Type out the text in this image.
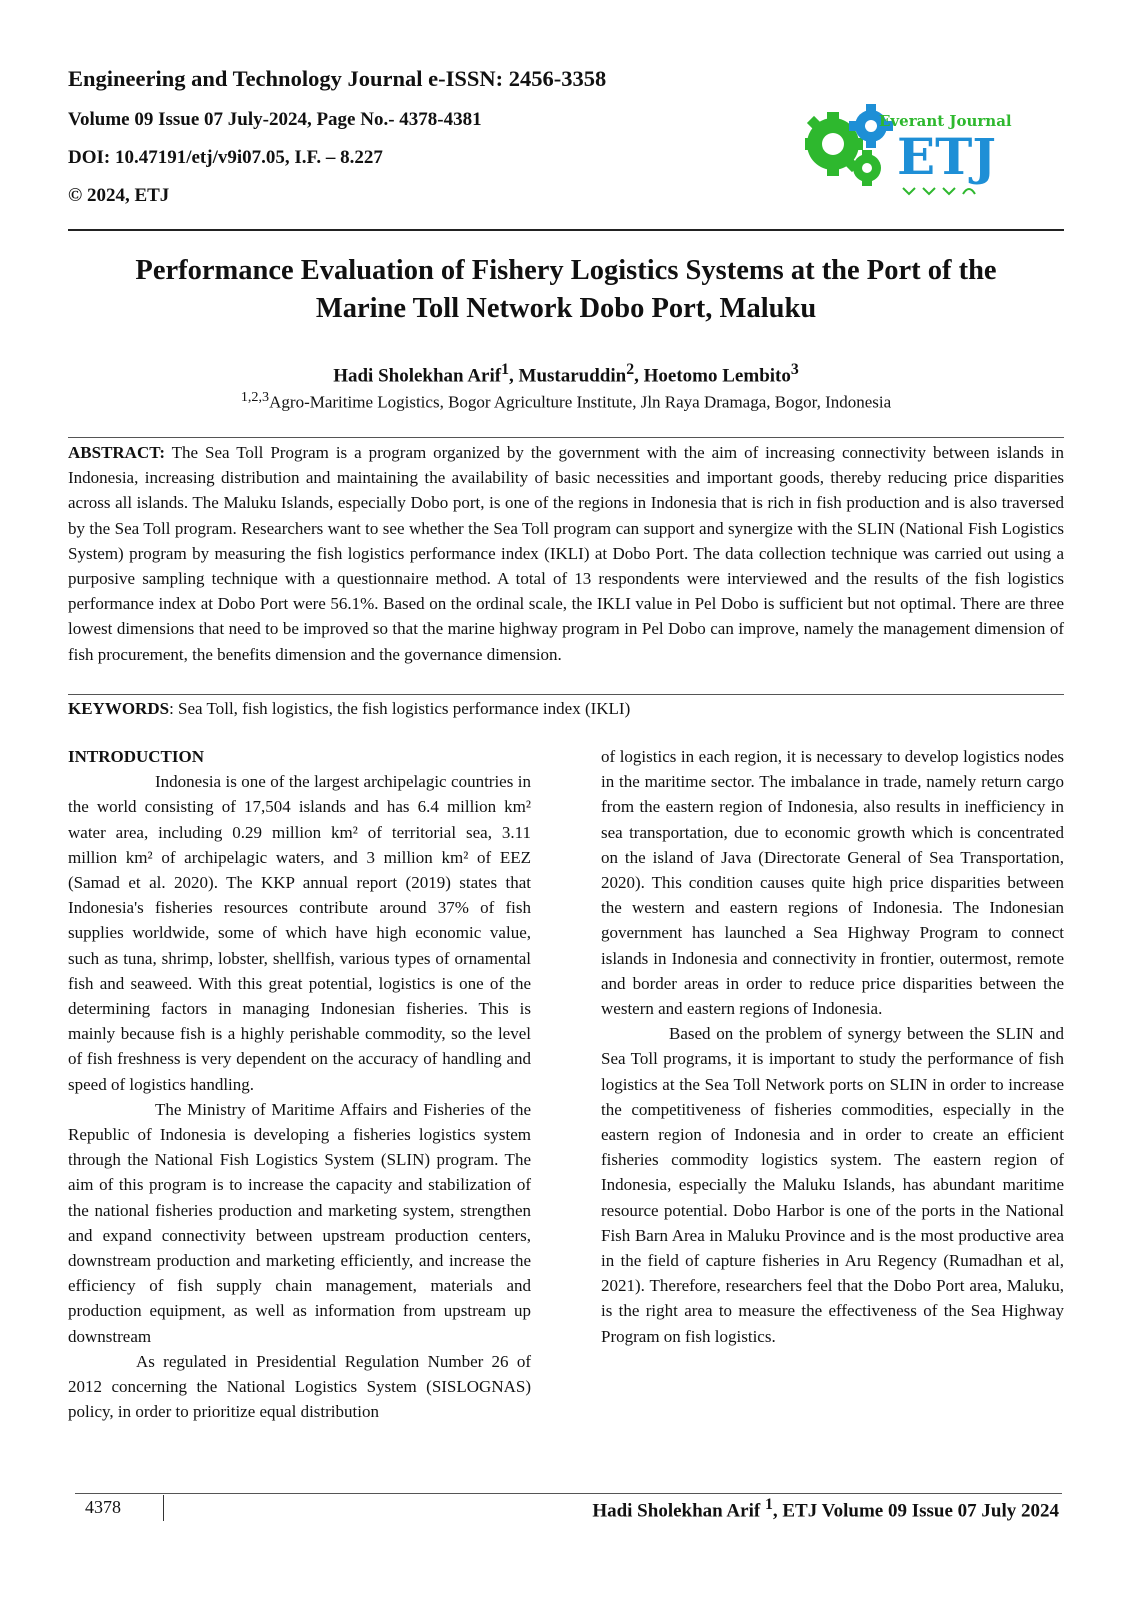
Engineering and Technology Journal e-ISSN: 2456-3358

Volume 09 Issue 07 July-2024, Page No.- 4378-4381

DOI: 10.47191/etj/v9i07.05, I.F. – 8.227

© 2024, ETJ

Everant Journal
ETJ
Performance Evaluation of Fishery Logistics Systems at the Port of the
Marine Toll Network Dobo Port, Maluku

Hadi Sholekhan Arif$^1$, Mustaruddin$^2$, Hoetomo Lembito$^3$

$^{1,2,3}$Agro-Maritime Logistics, Bogor Agriculture Institute, Jln Raya Dramaga, Bogor, Indonesia

ABSTRACT: The Sea Toll Program is a program organized by the government with the aim of increasing connectivity between islands in Indonesia, increasing distribution and maintaining the availability of basic necessities and important goods, thereby reducing price disparities across all islands. The Maluku Islands, especially Dobo port, is one of the regions in Indonesia that is rich in fish production and is also traversed by the Sea Toll program. Researchers want to see whether the Sea Toll program can support and synergize with the SLIN (National Fish Logistics System) program by measuring the fish logistics performance index (IKLI) at Dobo Port. The data collection technique was carried out using a purposive sampling technique with a questionnaire method. A total of 13 respondents were interviewed and the results of the fish logistics performance index at Dobo Port were 56.1%. Based on the ordinal scale, the IKLI value in Pel Dobo is sufficient but not optimal. There are three lowest dimensions that need to be improved so that the marine highway program in Pel Dobo can improve, namely the management dimension of fish procurement, the benefits dimension and the governance dimension.

KEYWORDS: Sea Toll, fish logistics, the fish logistics performance index (IKLI)

INTRODUCTION

Indonesia is one of the largest archipelagic countries in the world consisting of 17,504 islands and has 6.4 million km² water area, including 0.29 million km² of territorial sea, 3.11 million km² of archipelagic waters, and 3 million km² of EEZ (Samad et al. 2020). The KKP annual report (2019) states that Indonesia's fisheries resources contribute around 37% of fish supplies worldwide, some of which have high economic value, such as tuna, shrimp, lobster, shellfish, various types of ornamental fish and seaweed. With this great potential, logistics is one of the determining factors in managing Indonesian fisheries. This is mainly because fish is a highly perishable commodity, so the level of fish freshness is very dependent on the accuracy of handling and speed of logistics handling.

The Ministry of Maritime Affairs and Fisheries of the Republic of Indonesia is developing a fisheries logistics system through the National Fish Logistics System (SLIN) program. The aim of this program is to increase the capacity and stabilization of the national fisheries production and marketing system, strengthen and expand connectivity between upstream production centers, downstream production and marketing efficiently, and increase the efficiency of fish supply chain management, materials and production equipment, as well as information from upstream up downstream

As regulated in Presidential Regulation Number 26 of 2012 concerning the National Logistics System (SISLOGNAS) policy, in order to prioritize equal distribution

of logistics in each region, it is necessary to develop logistics nodes in the maritime sector. The imbalance in trade, namely return cargo from the eastern region of Indonesia, also results in inefficiency in sea transportation, due to economic growth which is concentrated on the island of Java (Directorate General of Sea Transportation, 2020). This condition causes quite high price disparities between the western and eastern regions of Indonesia. The Indonesian government has launched a Sea Highway Program to connect islands in Indonesia and connectivity in frontier, outermost, remote and border areas in order to reduce price disparities between the western and eastern regions of Indonesia.

Based on the problem of synergy between the SLIN and Sea Toll programs, it is important to study the performance of fish logistics at the Sea Toll Network ports on SLIN in order to increase the competitiveness of fisheries commodities, especially in the eastern region of Indonesia and in order to create an efficient fisheries commodity logistics system. The eastern region of Indonesia, especially the Maluku Islands, has abundant maritime resource potential. Dobo Harbor is one of the ports in the National Fish Barn Area in Maluku Province and is the most productive area in the field of capture fisheries in Aru Regency (Rumadhan et al, 2021). Therefore, researchers feel that the Dobo Port area, Maluku, is the right area to measure the effectiveness of the Sea Highway Program on fish logistics.

4378	Hadi Sholekhan Arif $^1$, ETJ Volume 09 Issue 07 July 2024
